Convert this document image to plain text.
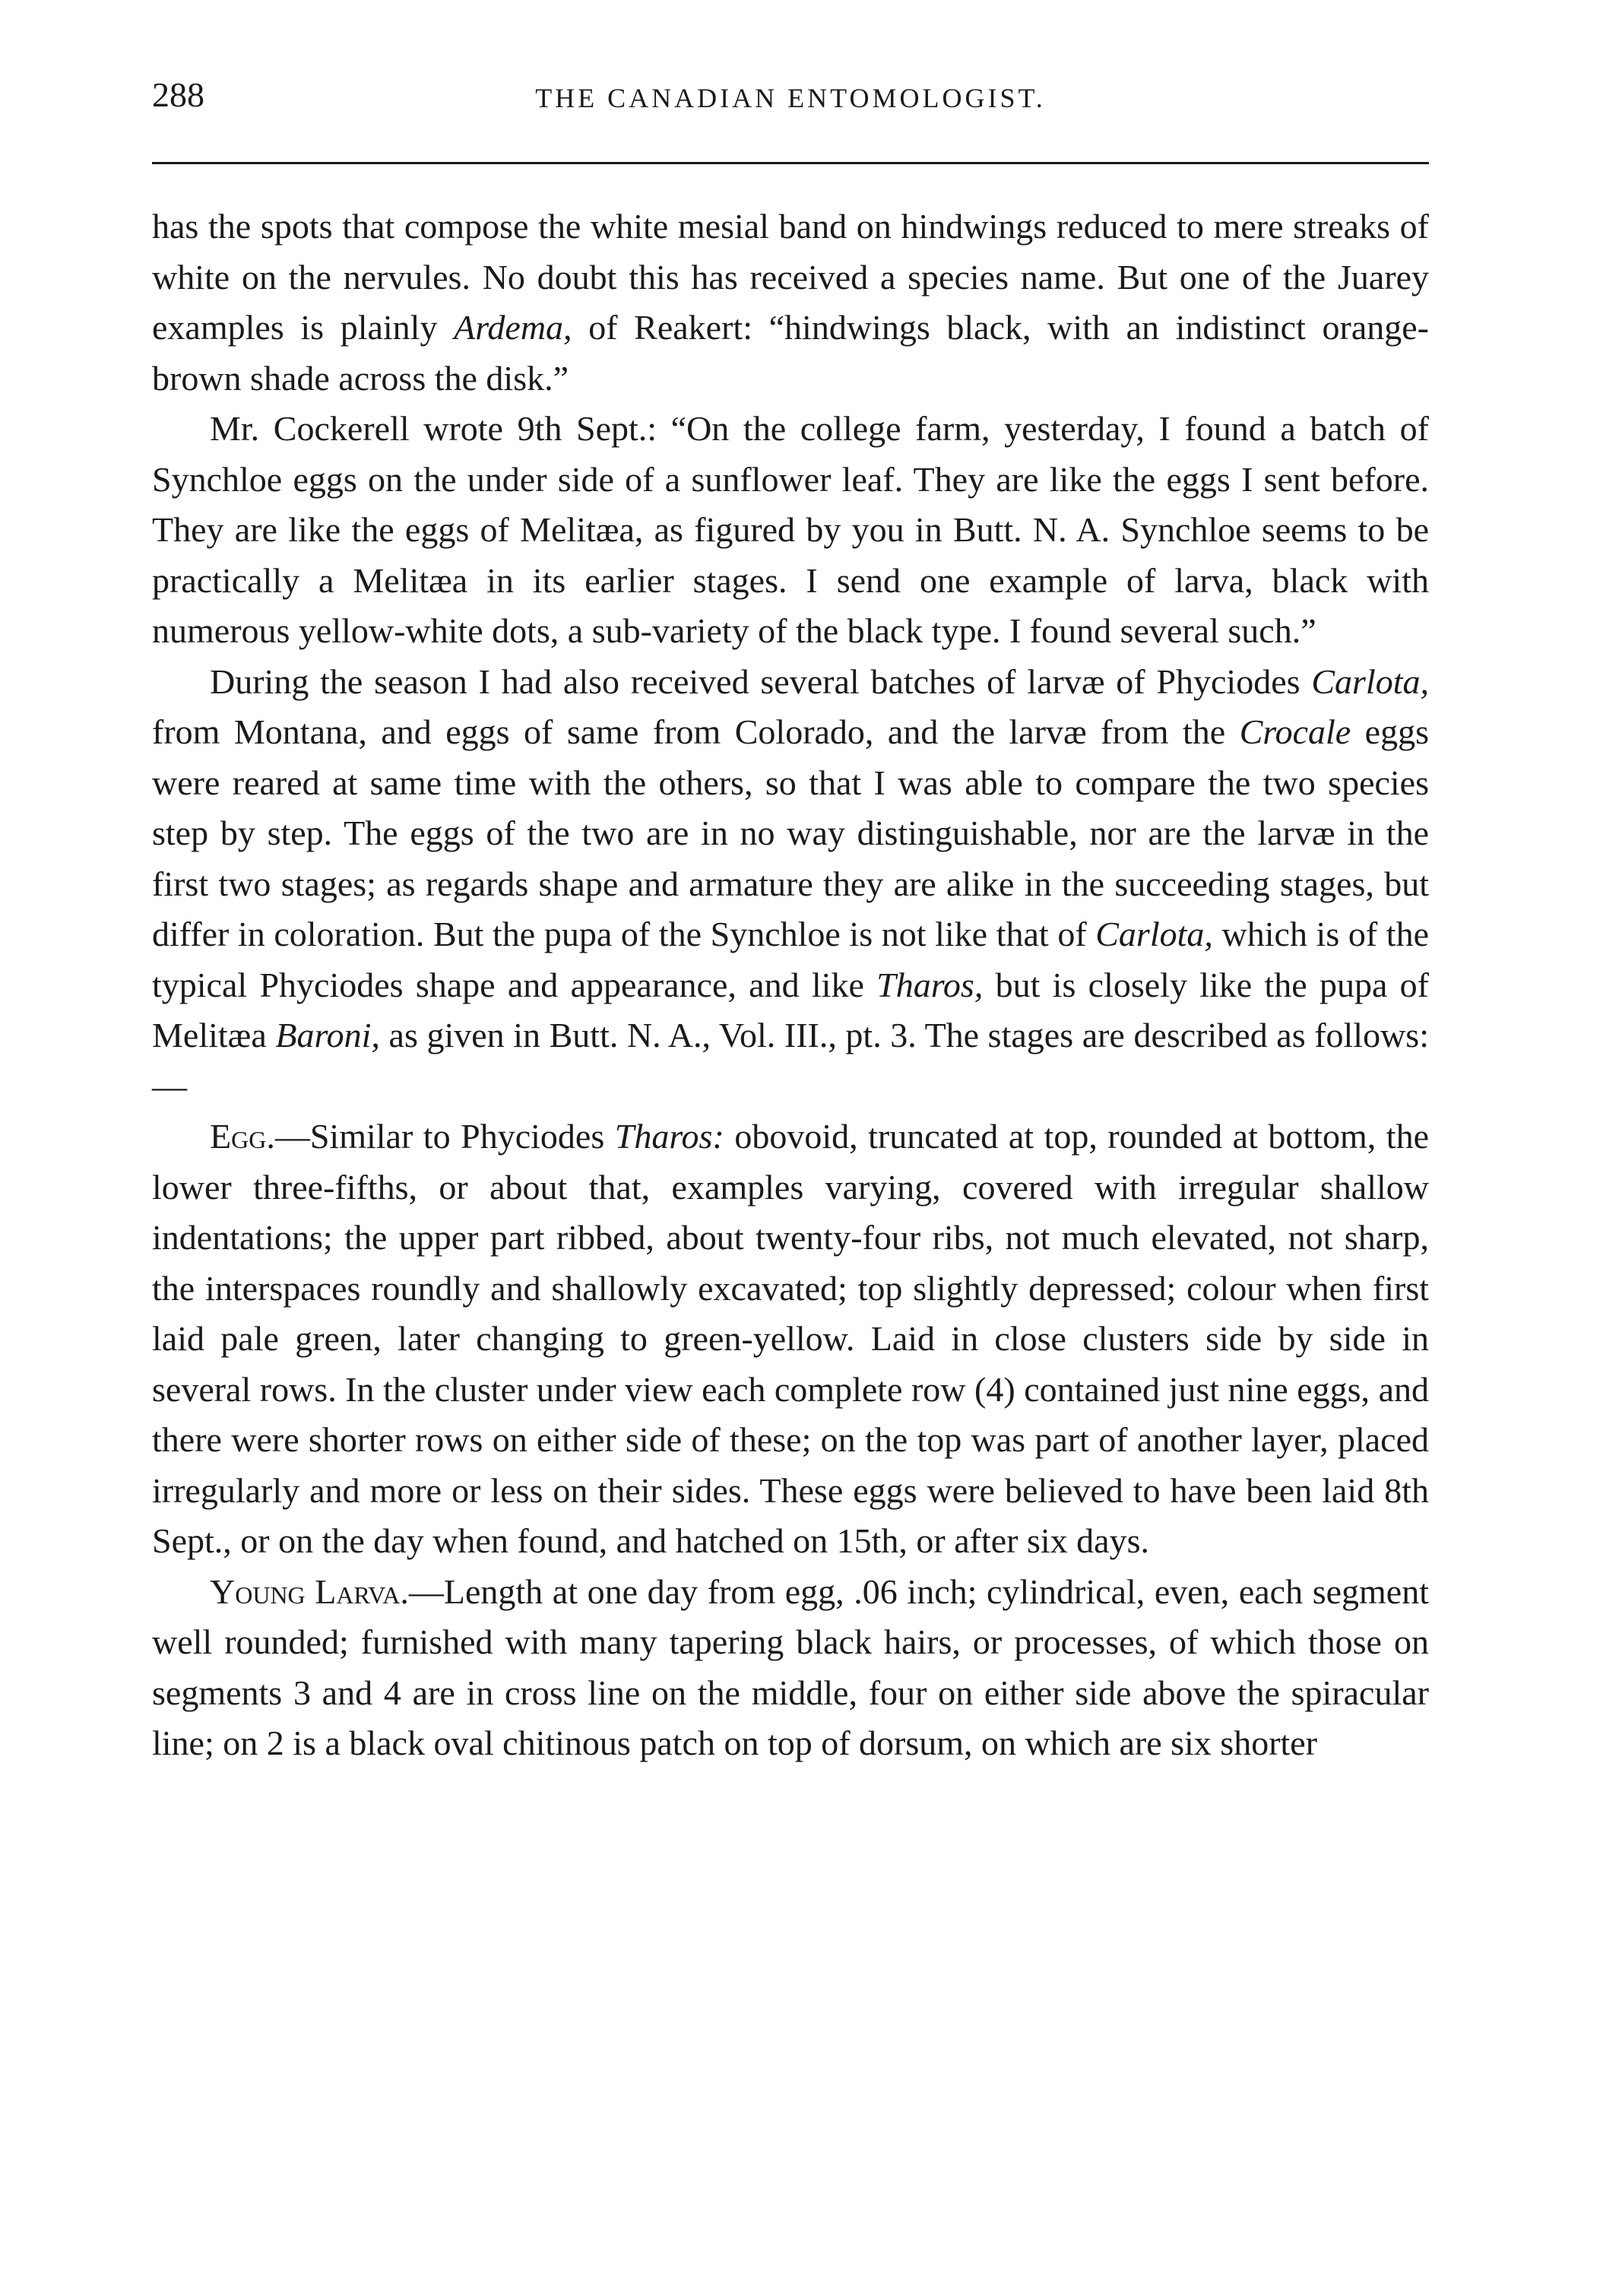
288	THE CANADIAN ENTOMOLOGIST.

has the spots that compose the white mesial band on hindwings reduced to mere streaks of white on the nervules. No doubt this has received a species name. But one of the Juarey examples is plainly Ardema, of Reakert: “hindwings black, with an indistinct orange-brown shade across the disk.”

Mr. Cockerell wrote 9th Sept.: “On the college farm, yesterday, I found a batch of Synchloe eggs on the under side of a sunflower leaf. They are like the eggs I sent before. They are like the eggs of Melitæa, as figured by you in Butt. N. A. Synchloe seems to be practically a Melitæa in its earlier stages. I send one example of larva, black with numerous yellow-white dots, a sub-variety of the black type. I found several such.”

During the season I had also received several batches of larvæ of Phyciodes Carlota, from Montana, and eggs of same from Colorado, and the larvæ from the Crocale eggs were reared at same time with the others, so that I was able to compare the two species step by step. The eggs of the two are in no way distinguishable, nor are the larvæ in the first two stages; as regards shape and armature they are alike in the succeeding stages, but differ in coloration. But the pupa of the Synchloe is not like that of Carlota, which is of the typical Phyciodes shape and appearance, and like Tharos, but is closely like the pupa of Melitæa Baroni, as given in Butt. N. A., Vol. III., pt. 3. The stages are described as follows:—

Egg.—Similar to Phyciodes Tharos: obovoid, truncated at top, rounded at bottom, the lower three-fifths, or about that, examples varying, covered with irregular shallow indentations; the upper part ribbed, about twenty-four ribs, not much elevated, not sharp, the interspaces roundly and shallowly excavated; top slightly depressed; colour when first laid pale green, later changing to green-yellow. Laid in close clusters side by side in several rows. In the cluster under view each complete row (4) contained just nine eggs, and there were shorter rows on either side of these; on the top was part of another layer, placed irregularly and more or less on their sides. These eggs were believed to have been laid 8th Sept., or on the day when found, and hatched on 15th, or after six days.

Young Larva.—Length at one day from egg, .06 inch; cylindrical, even, each segment well rounded; furnished with many tapering black hairs, or processes, of which those on segments 3 and 4 are in cross line on the middle, four on either side above the spiracular line; on 2 is a black oval chitinous patch on top of dorsum, on which are six shorter
